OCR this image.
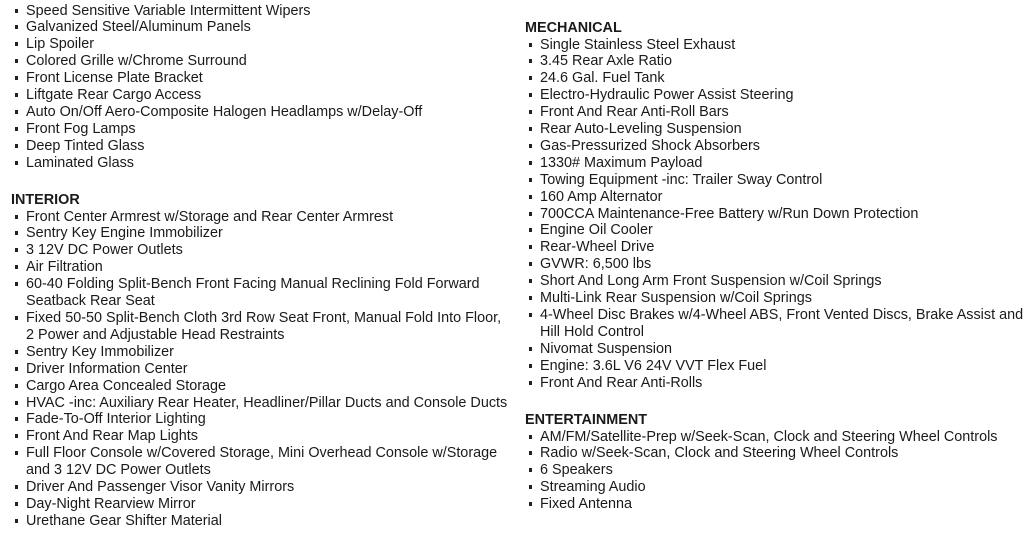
Speed Sensitive Variable Intermittent Wipers
Galvanized Steel/Aluminum Panels
Lip Spoiler
Colored Grille w/Chrome Surround
Front License Plate Bracket
Liftgate Rear Cargo Access
Auto On/Off Aero-Composite Halogen Headlamps w/Delay-Off
Front Fog Lamps
Deep Tinted Glass
Laminated Glass
INTERIOR
Front Center Armrest w/Storage and Rear Center Armrest
Sentry Key Engine Immobilizer
3 12V DC Power Outlets
Air Filtration
60-40 Folding Split-Bench Front Facing Manual Reclining Fold Forward Seatback Rear Seat
Fixed 50-50 Split-Bench Cloth 3rd Row Seat Front, Manual Fold Into Floor, 2 Power and Adjustable Head Restraints
Sentry Key Immobilizer
Driver Information Center
Cargo Area Concealed Storage
HVAC -inc: Auxiliary Rear Heater, Headliner/Pillar Ducts and Console Ducts
Fade-To-Off Interior Lighting
Front And Rear Map Lights
Full Floor Console w/Covered Storage, Mini Overhead Console w/Storage and 3 12V DC Power Outlets
Driver And Passenger Visor Vanity Mirrors
Day-Night Rearview Mirror
Urethane Gear Shifter Material
MECHANICAL
Single Stainless Steel Exhaust
3.45 Rear Axle Ratio
24.6 Gal. Fuel Tank
Electro-Hydraulic Power Assist Steering
Front And Rear Anti-Roll Bars
Rear Auto-Leveling Suspension
Gas-Pressurized Shock Absorbers
1330# Maximum Payload
Towing Equipment -inc: Trailer Sway Control
160 Amp Alternator
700CCA Maintenance-Free Battery w/Run Down Protection
Engine Oil Cooler
Rear-Wheel Drive
GVWR: 6,500 lbs
Short And Long Arm Front Suspension w/Coil Springs
Multi-Link Rear Suspension w/Coil Springs
4-Wheel Disc Brakes w/4-Wheel ABS, Front Vented Discs, Brake Assist and Hill Hold Control
Nivomat Suspension
Engine: 3.6L V6 24V VVT Flex Fuel
Front And Rear Anti-Rolls
ENTERTAINMENT
AM/FM/Satellite-Prep w/Seek-Scan, Clock and Steering Wheel Controls
Radio w/Seek-Scan, Clock and Steering Wheel Controls
6 Speakers
Streaming Audio
Fixed Antenna
